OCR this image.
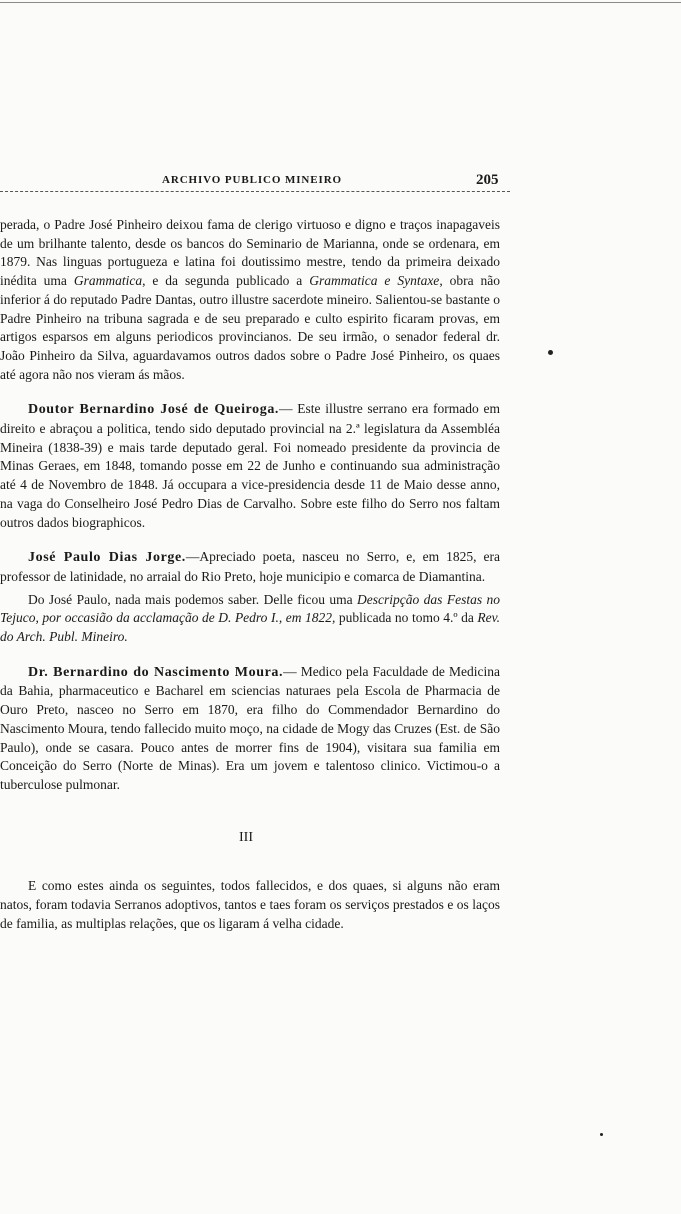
ARCHIVO PUBLICO MINEIRO	205

perada, o Padre José Pinheiro deixou fama de clerigo virtuoso e digno e traços inapagaveis de um brilhante talento, desde os bancos do Seminario de Marianna, onde se ordenara, em 1879. Nas linguas portugueza e latina foi doutissimo mestre, tendo da primeira deixado inédita uma Grammatica, e da segunda publicado a Grammatica e Syntaxe, obra não inferior á do reputado Padre Dantas, outro illustre sacerdote mineiro. Salientou-se bastante o Padre Pinheiro na tribuna sagrada e de seu preparado e culto espirito ficaram provas, em artigos esparsos em alguns periodicos provincianos. De seu irmão, o senador federal dr. João Pinheiro da Silva, aguardavamos outros dados sobre o Padre José Pinheiro, os quaes até agora não nos vieram ás mãos.

Doutor Bernardino José de Queiroga.— Este illustre serrano era formado em direito e abraçou a politica, tendo sido deputado provincial na 2.ª legislatura da Assembléa Mineira (1838-39) e mais tarde deputado geral. Foi nomeado presidente da provincia de Minas Geraes, em 1848, tomando posse em 22 de Junho e continuando sua administração até 4 de Novembro de 1848. Já occupara a vice-presidencia desde 11 de Maio desse anno, na vaga do Conselheiro José Pedro Dias de Carvalho. Sobre este filho do Serro nos faltam outros dados biographicos.

José Paulo Dias Jorge.—Apreciado poeta, nasceu no Serro, e, em 1825, era professor de latinidade, no arraial do Rio Preto, hoje municipio e comarca de Diamantina.

Do José Paulo, nada mais podemos saber. Delle ficou uma Descripção das Festas no Tejuco, por occasião da acclamação de D. Pedro I., em 1822, publicada no tomo 4.º da Rev. do Arch. Publ. Mineiro.

Dr. Bernardino do Nascimento Moura.— Medico pela Faculdade de Medicina da Bahia, pharmaceutico e Bacharel em sciencias naturaes pela Escola de Pharmacia de Ouro Preto, nasceo no Serro em 1870, era filho do Commendador Bernardino do Nascimento Moura, tendo fallecido muito moço, na cidade de Mogy das Cruzes (Est. de São Paulo), onde se casara. Pouco antes de morrer fins de 1904), visitara sua familia em Conceição do Serro (Norte de Minas). Era um jovem e talentoso clinico. Victimou-o a tuberculose pulmonar.

III

E como estes ainda os seguintes, todos fallecidos, e dos quaes, si alguns não eram natos, foram todavia Serranos adoptivos, tantos e taes foram os serviços prestados e os laços de familia, as multiplas relações, que os ligaram á velha cidade.
